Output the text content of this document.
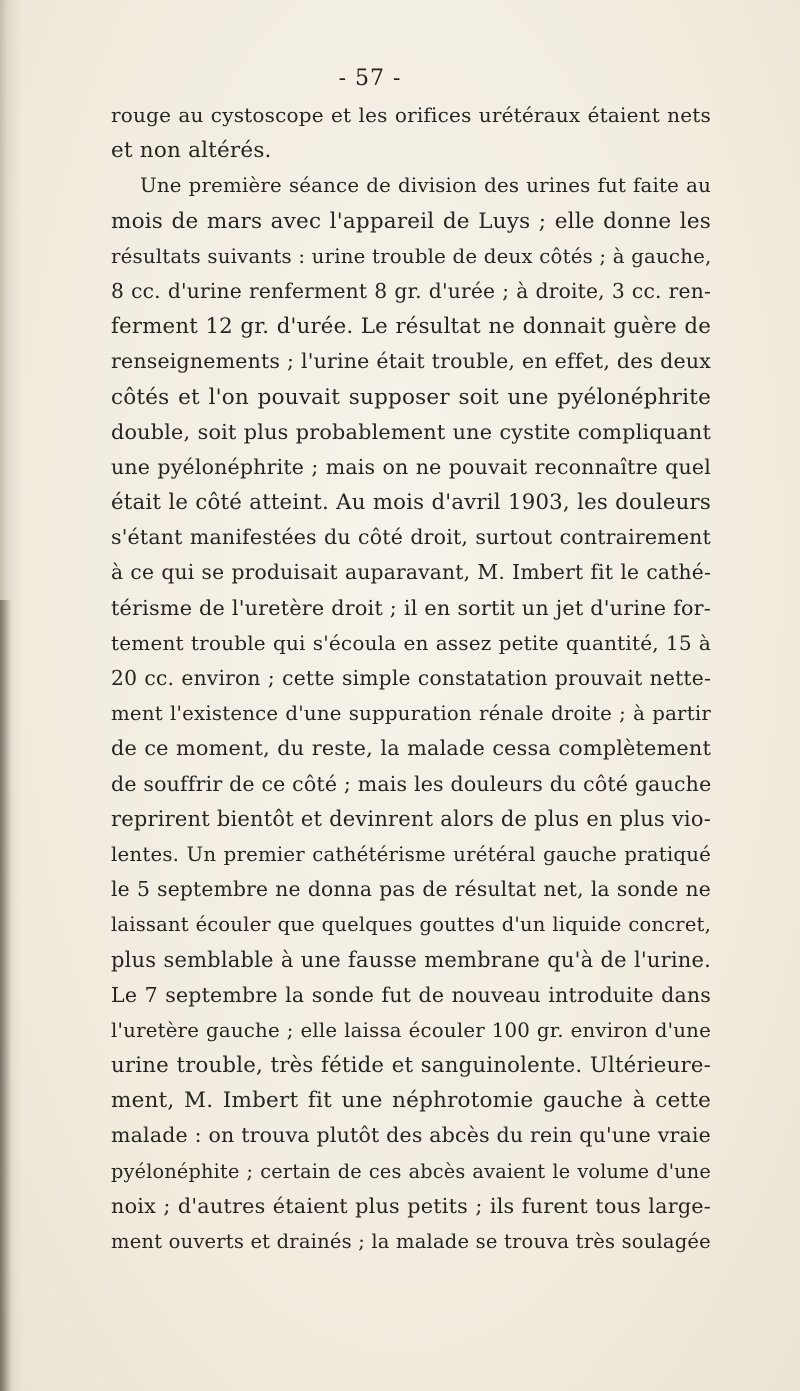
- 57 -
rouge au cystoscope et les orifices urétéraux étaient nets
et non altérés.
Une première séance de division des urines fut faite au
mois de mars avec l'appareil de Luys ; elle donne les
résultats suivants : urine trouble de deux côtés ; à gauche,
8 cc. d'urine renferment 8 gr. d'urée ; à droite, 3 cc. ren-
ferment 12 gr. d'urée. Le résultat ne donnait guère de
renseignements ; l'urine était trouble, en effet, des deux
côtés et l'on pouvait supposer soit une pyélonéphrite
double, soit plus probablement une cystite compliquant
une pyélonéphrite ; mais on ne pouvait reconnaître quel
était le côté atteint. Au mois d'avril 1903, les douleurs
s'étant manifestées du côté droit, surtout contrairement
à ce qui se produisait auparavant, M. Imbert fit le cathé-
térisme de l'uretère droit ; il en sortit un jet d'urine for-
tement trouble qui s'écoula en assez petite quantité, 15 à
20 cc. environ ; cette simple constatation prouvait nette-
ment l'existence d'une suppuration rénale droite ; à partir
de ce moment, du reste, la malade cessa complètement
de souffrir de ce côté ; mais les douleurs du côté gauche
reprirent bientôt et devinrent alors de plus en plus vio-
lentes. Un premier cathétérisme urétéral gauche pratiqué
le 5 septembre ne donna pas de résultat net, la sonde ne
laissant écouler que quelques gouttes d'un liquide concret,
plus semblable à une fausse membrane qu'à de l'urine.
Le 7 septembre la sonde fut de nouveau introduite dans
l'uretère gauche ; elle laissa écouler 100 gr. environ d'une
urine trouble, très fétide et sanguinolente. Ultérieure-
ment, M. Imbert fit une néphrotomie gauche à cette
malade : on trouva plutôt des abcès du rein qu'une vraie
pyélonéphite ; certain de ces abcès avaient le volume d'une
noix ; d'autres étaient plus petits ; ils furent tous large-
ment ouverts et drainés ; la malade se trouva très soulagée
